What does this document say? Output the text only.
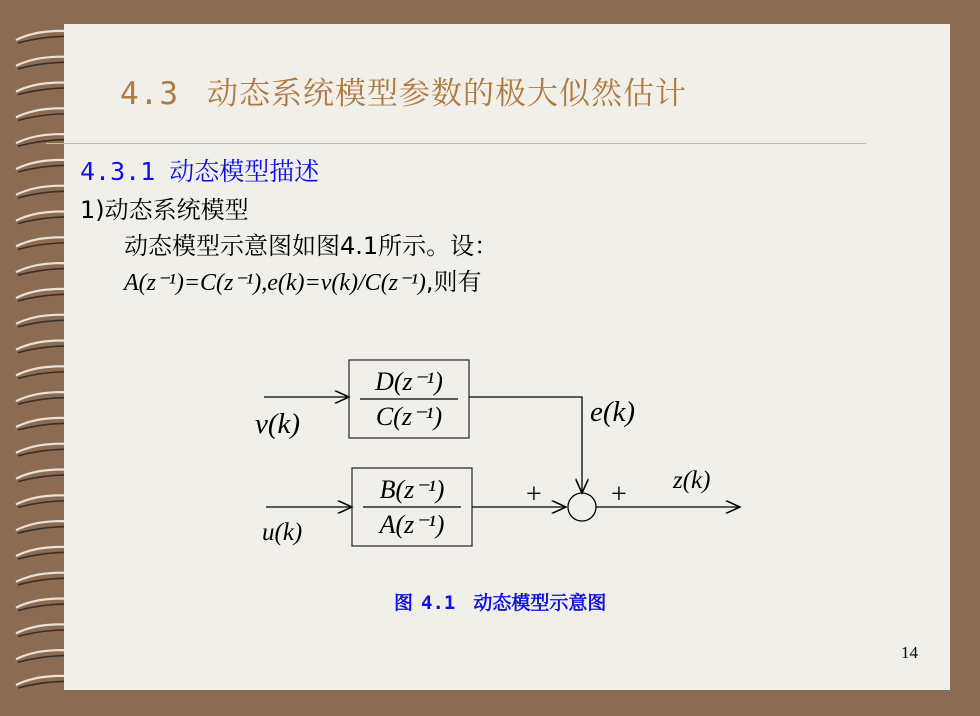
4.3 动态系统模型参数的极大似然估计
4.3.1 动态模型描述
1)动态系统模型
动态模型示意图如图4.1所示。设：
A(z⁻¹)=C(z⁻¹),e(k)=v(k)/C(z⁻¹),则有
D(z⁻¹)
C(z⁻¹)
v(k)	e(k)
B(z⁻¹)
A(z⁻¹)
u(k)
+ + z(k)
图 4.1 动态模型示意图
14
